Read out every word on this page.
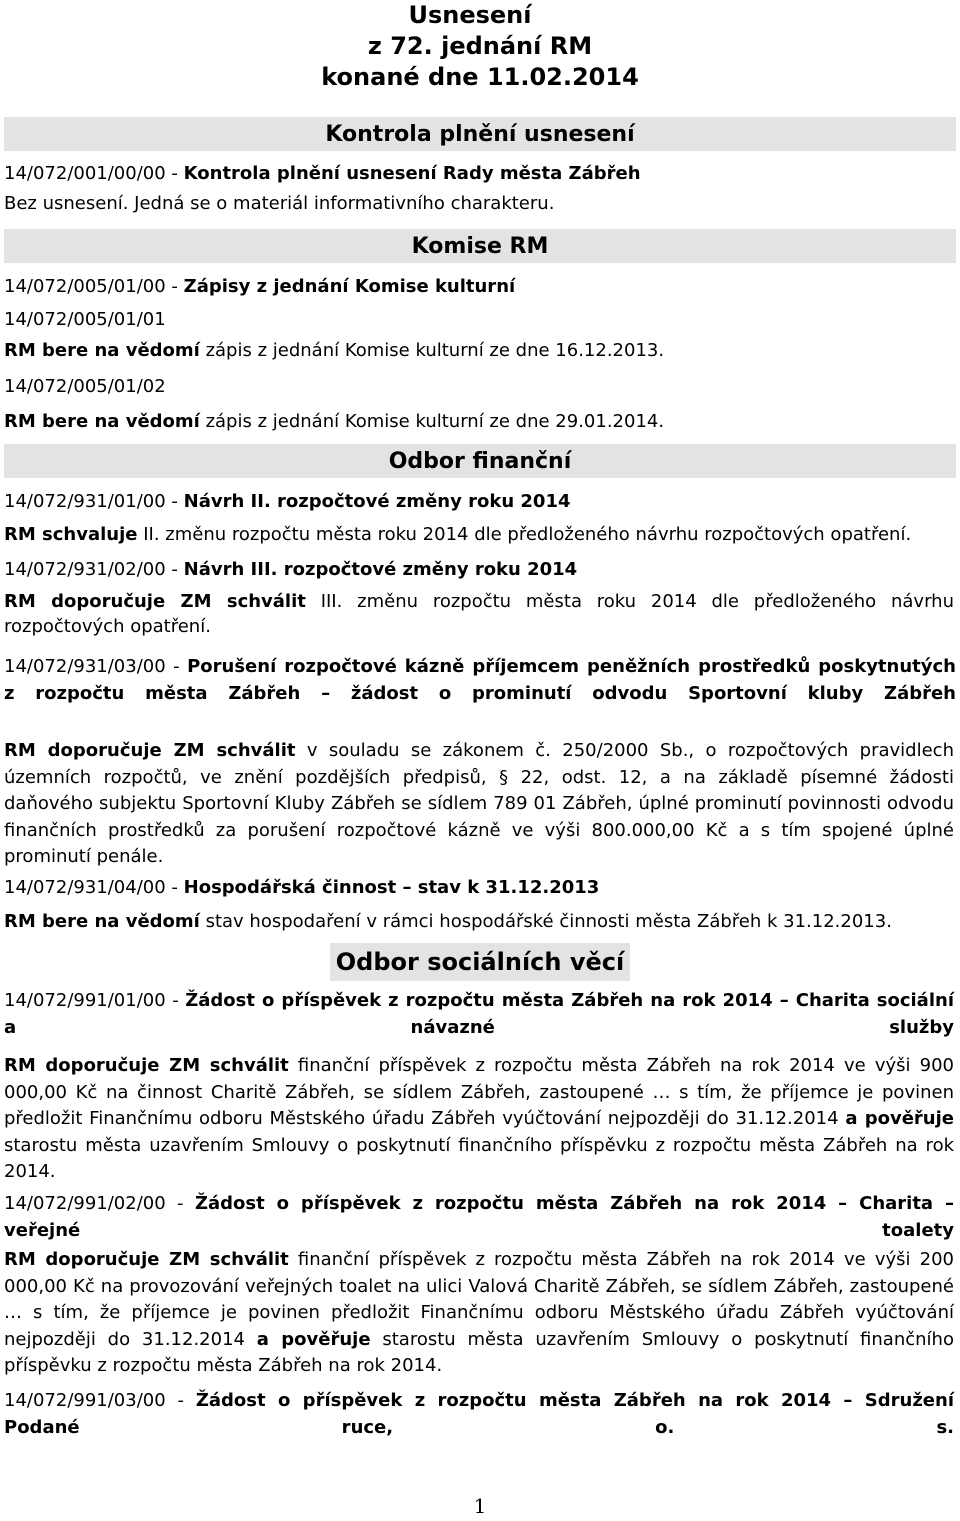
Usnesení
z 72. jednání RM
konané dne 11.02.2014
Kontrola plnění usnesení
14/072/001/00/00 - Kontrola plnění usnesení Rady města Zábřeh
Bez usnesení. Jedná se o materiál informativního charakteru.
Komise RM
14/072/005/01/00 - Zápisy z jednání Komise kulturní
14/072/005/01/01
RM bere na vědomí zápis z jednání Komise kulturní ze dne 16.12.2013.
14/072/005/01/02
RM bere na vědomí zápis z jednání Komise kulturní ze dne 29.01.2014.
Odbor finanční
14/072/931/01/00 - Návrh II. rozpočtové změny roku 2014
RM schvaluje II. změnu rozpočtu města roku 2014 dle předloženého návrhu rozpočtových opatření.
14/072/931/02/00 - Návrh III. rozpočtové změny roku 2014
RM doporučuje ZM schválit III. změnu rozpočtu města roku 2014 dle předloženého návrhu
rozpočtových opatření.
14/072/931/03/00 - Porušení rozpočtové kázně příjemcem peněžních prostředků poskytnutých z rozpočtu města Zábřeh – žádost o prominutí odvodu Sportovní kluby Zábřeh
RM doporučuje ZM schválit v souladu se zákonem č. 250/2000 Sb., o rozpočtových pravidlech územních rozpočtů, ve znění pozdějších předpisů, § 22, odst. 12, a na základě písemné žádosti daňového subjektu Sportovní Kluby Zábřeh se sídlem 789 01 Zábřeh, úplné prominutí povinnosti odvodu finančních prostředků za porušení rozpočtové kázně ve výši 800.000,00 Kč a s tím spojené úplné prominutí penále.
14/072/931/04/00 - Hospodářská činnost – stav k 31.12.2013
RM bere na vědomí stav hospodaření v rámci hospodářské činnosti města Zábřeh k 31.12.2013.
Odbor sociálních věcí
14/072/991/01/00 - Žádost o příspěvek z rozpočtu města Zábřeh na rok 2014 – Charita sociální a návazné služby
RM doporučuje ZM schválit finanční příspěvek z rozpočtu města Zábřeh na rok 2014 ve výši 900 000,00 Kč na činnost Charitě Zábřeh, se sídlem Zábřeh, zastoupené … s tím, že příjemce je povinen předložit Finančnímu odboru Městského úřadu Zábřeh vyúčtování nejpozději do 31.12.2014 a pověřuje starostu města uzavřením Smlouvy o poskytnutí finančního příspěvku z rozpočtu města Zábřeh na rok 2014.
14/072/991/02/00 - Žádost o příspěvek z rozpočtu města Zábřeh na rok 2014 – Charita – veřejné toalety
RM doporučuje ZM schválit finanční příspěvek z rozpočtu města Zábřeh na rok 2014 ve výši 200 000,00 Kč na provozování veřejných toalet na ulici Valová Charitě Zábřeh, se sídlem Zábřeh, zastoupené … s tím, že příjemce je povinen předložit Finančnímu odboru Městského úřadu Zábřeh vyúčtování nejpozději do 31.12.2014 a pověřuje starostu města uzavřením Smlouvy o poskytnutí finančního příspěvku z rozpočtu města Zábřeh na rok 2014.
14/072/991/03/00 - Žádost o příspěvek z rozpočtu města Zábřeh na rok 2014 – Sdružení Podané ruce, o. s.
1
